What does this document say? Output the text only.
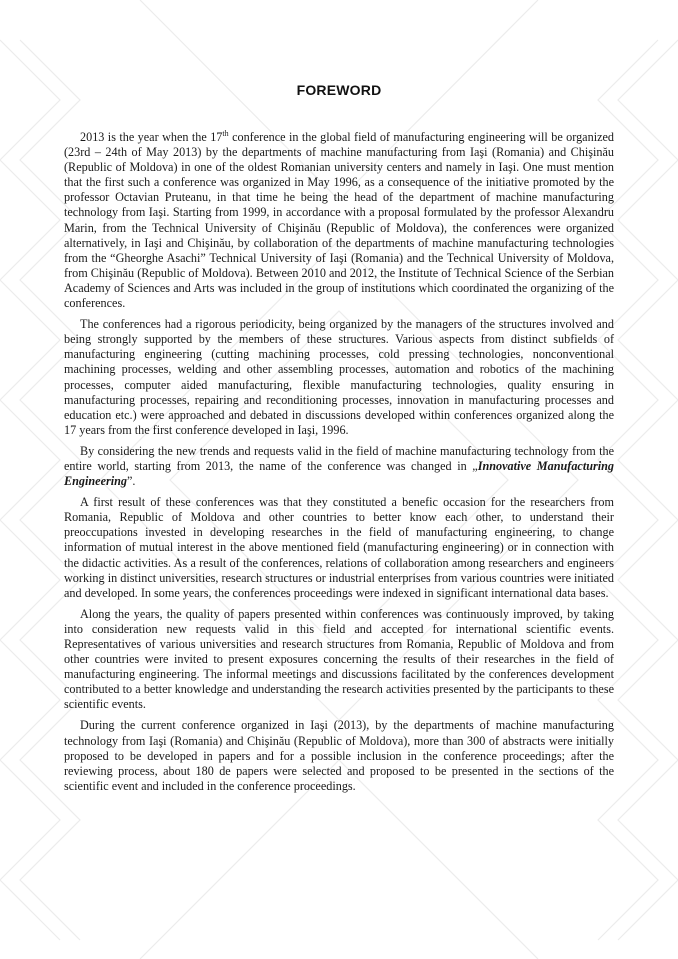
FOREWORD

2013 is the year when the 17th conference in the global field of manufacturing engineering will be organized (23rd – 24th of May 2013) by the departments of machine manufacturing from Iaşi (Romania) and Chişinău (Republic of Moldova) in one of the oldest Romanian university centers and namely in Iaşi. One must mention that the first such a conference was organized in May 1996, as a consequence of the initiative promoted by the professor Octavian Pruteanu, in that time he being the head of the department of machine manufacturing technology from Iaşi. Starting from 1999, in accordance with a proposal formulated by the professor Alexandru Marin, from the Technical University of Chişinău (Republic of Moldova), the conferences were organized alternatively, in Iaşi and Chişinău, by collaboration of the departments of machine manufacturing technologies from the “Gheorghe Asachi” Technical University of Iaşi (Romania) and the Technical University of Moldova, from Chişinău (Republic of Moldova). Between 2010 and 2012, the Institute of Technical Science of the Serbian Academy of Sciences and Arts was included in the group of institutions which coordinated the organizing of the conferences.

The conferences had a rigorous periodicity, being organized by the managers of the structures involved and being strongly supported by the members of these structures. Various aspects from distinct subfields of manufacturing engineering (cutting machining processes, cold pressing technologies, nonconventional machining processes, welding and other assembling processes, automation and robotics of the machining processes, computer aided manufacturing, flexible manufacturing technologies, quality ensuring in manufacturing processes, repairing and reconditioning processes, innovation in manufacturing processes and education etc.) were approached and debated in discussions developed within conferences organized along the 17 years from the first conference developed in Iaşi, 1996.

By considering the new trends and requests valid in the field of machine manufacturing technology from the entire world, starting from 2013, the name of the conference was changed in „Innovative Manufacturing Engineering”.

A first result of these conferences was that they constituted a benefic occasion for the researchers from Romania, Republic of Moldova and other countries to better know each other, to understand their preoccupations invested in developing researches in the field of manufacturing engineering, to change information of mutual interest in the above mentioned field (manufacturing engineering) or in connection with the didactic activities. As a result of the conferences, relations of collaboration among researchers and engineers working in distinct universities, research structures or industrial enterprises from various countries were initiated and developed. In some years, the conferences proceedings were indexed in significant international data bases.

Along the years, the quality of papers presented within conferences was continuously improved, by taking into consideration new requests valid in this field and accepted for international scientific events. Representatives of various universities and research structures from Romania, Republic of Moldova and from other countries were invited to present exposures concerning the results of their researches in the field of manufacturing engineering. The informal meetings and discussions facilitated by the conferences development contributed to a better knowledge and understanding the research activities presented by the participants to these scientific events.

During the current conference organized in Iaşi (2013), by the departments of machine manufacturing technology from Iaşi (Romania) and Chişinău (Republic of Moldova), more than 300 of abstracts were initially proposed to be developed in papers and for a possible inclusion in the conference proceedings; after the reviewing process, about 180 de papers were selected and proposed to be presented in the sections of the scientific event and included in the conference proceedings.
